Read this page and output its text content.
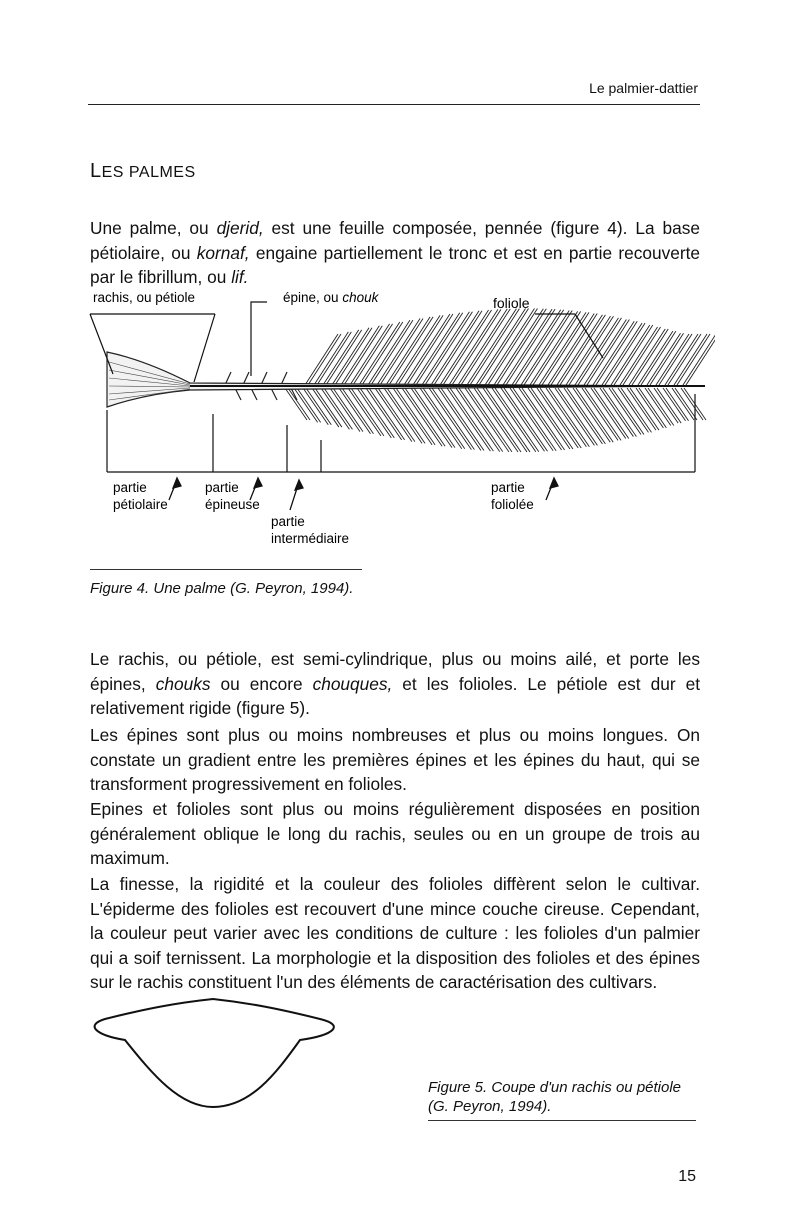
Le palmier-dattier
LES PALMES

Une palme, ou djerid, est une feuille composée, pennée (figure 4). La base pétiolaire, ou kornaf, engaine partiellement le tronc et est en partie recouverte par le fibrillum, ou lif.

rachis, ou pétiole	épine, ou chouk	foliole
partie
pétiolaire
partie
épineuse
partie
intermédiaire
partie
foliolée
Figure 4. Une palme (G. Peyron, 1994).

Le rachis, ou pétiole, est semi-cylindrique, plus ou moins ailé, et porte les épines, chouks ou encore chouques, et les folioles. Le pétiole est dur et relativement rigide (figure 5).

Les épines sont plus ou moins nombreuses et plus ou moins longues. On constate un gradient entre les premières épines et les épines du haut, qui se transforment progressivement en folioles.

Epines et folioles sont plus ou moins régulièrement disposées en position généralement oblique le long du rachis, seules ou en un groupe de trois au maximum.

La finesse, la rigidité et la couleur des folioles diffèrent selon le cultivar. L'épiderme des folioles est recouvert d'une mince couche cireuse. Cependant, la couleur peut varier avec les conditions de culture : les folioles d'un palmier qui a soif ternissent. La morphologie et la disposition des folioles et des épines sur le rachis constituent l'un des éléments de caractérisation des cultivars.

Figure 5. Coupe d'un rachis ou pétiole
(G. Peyron, 1994).
15
